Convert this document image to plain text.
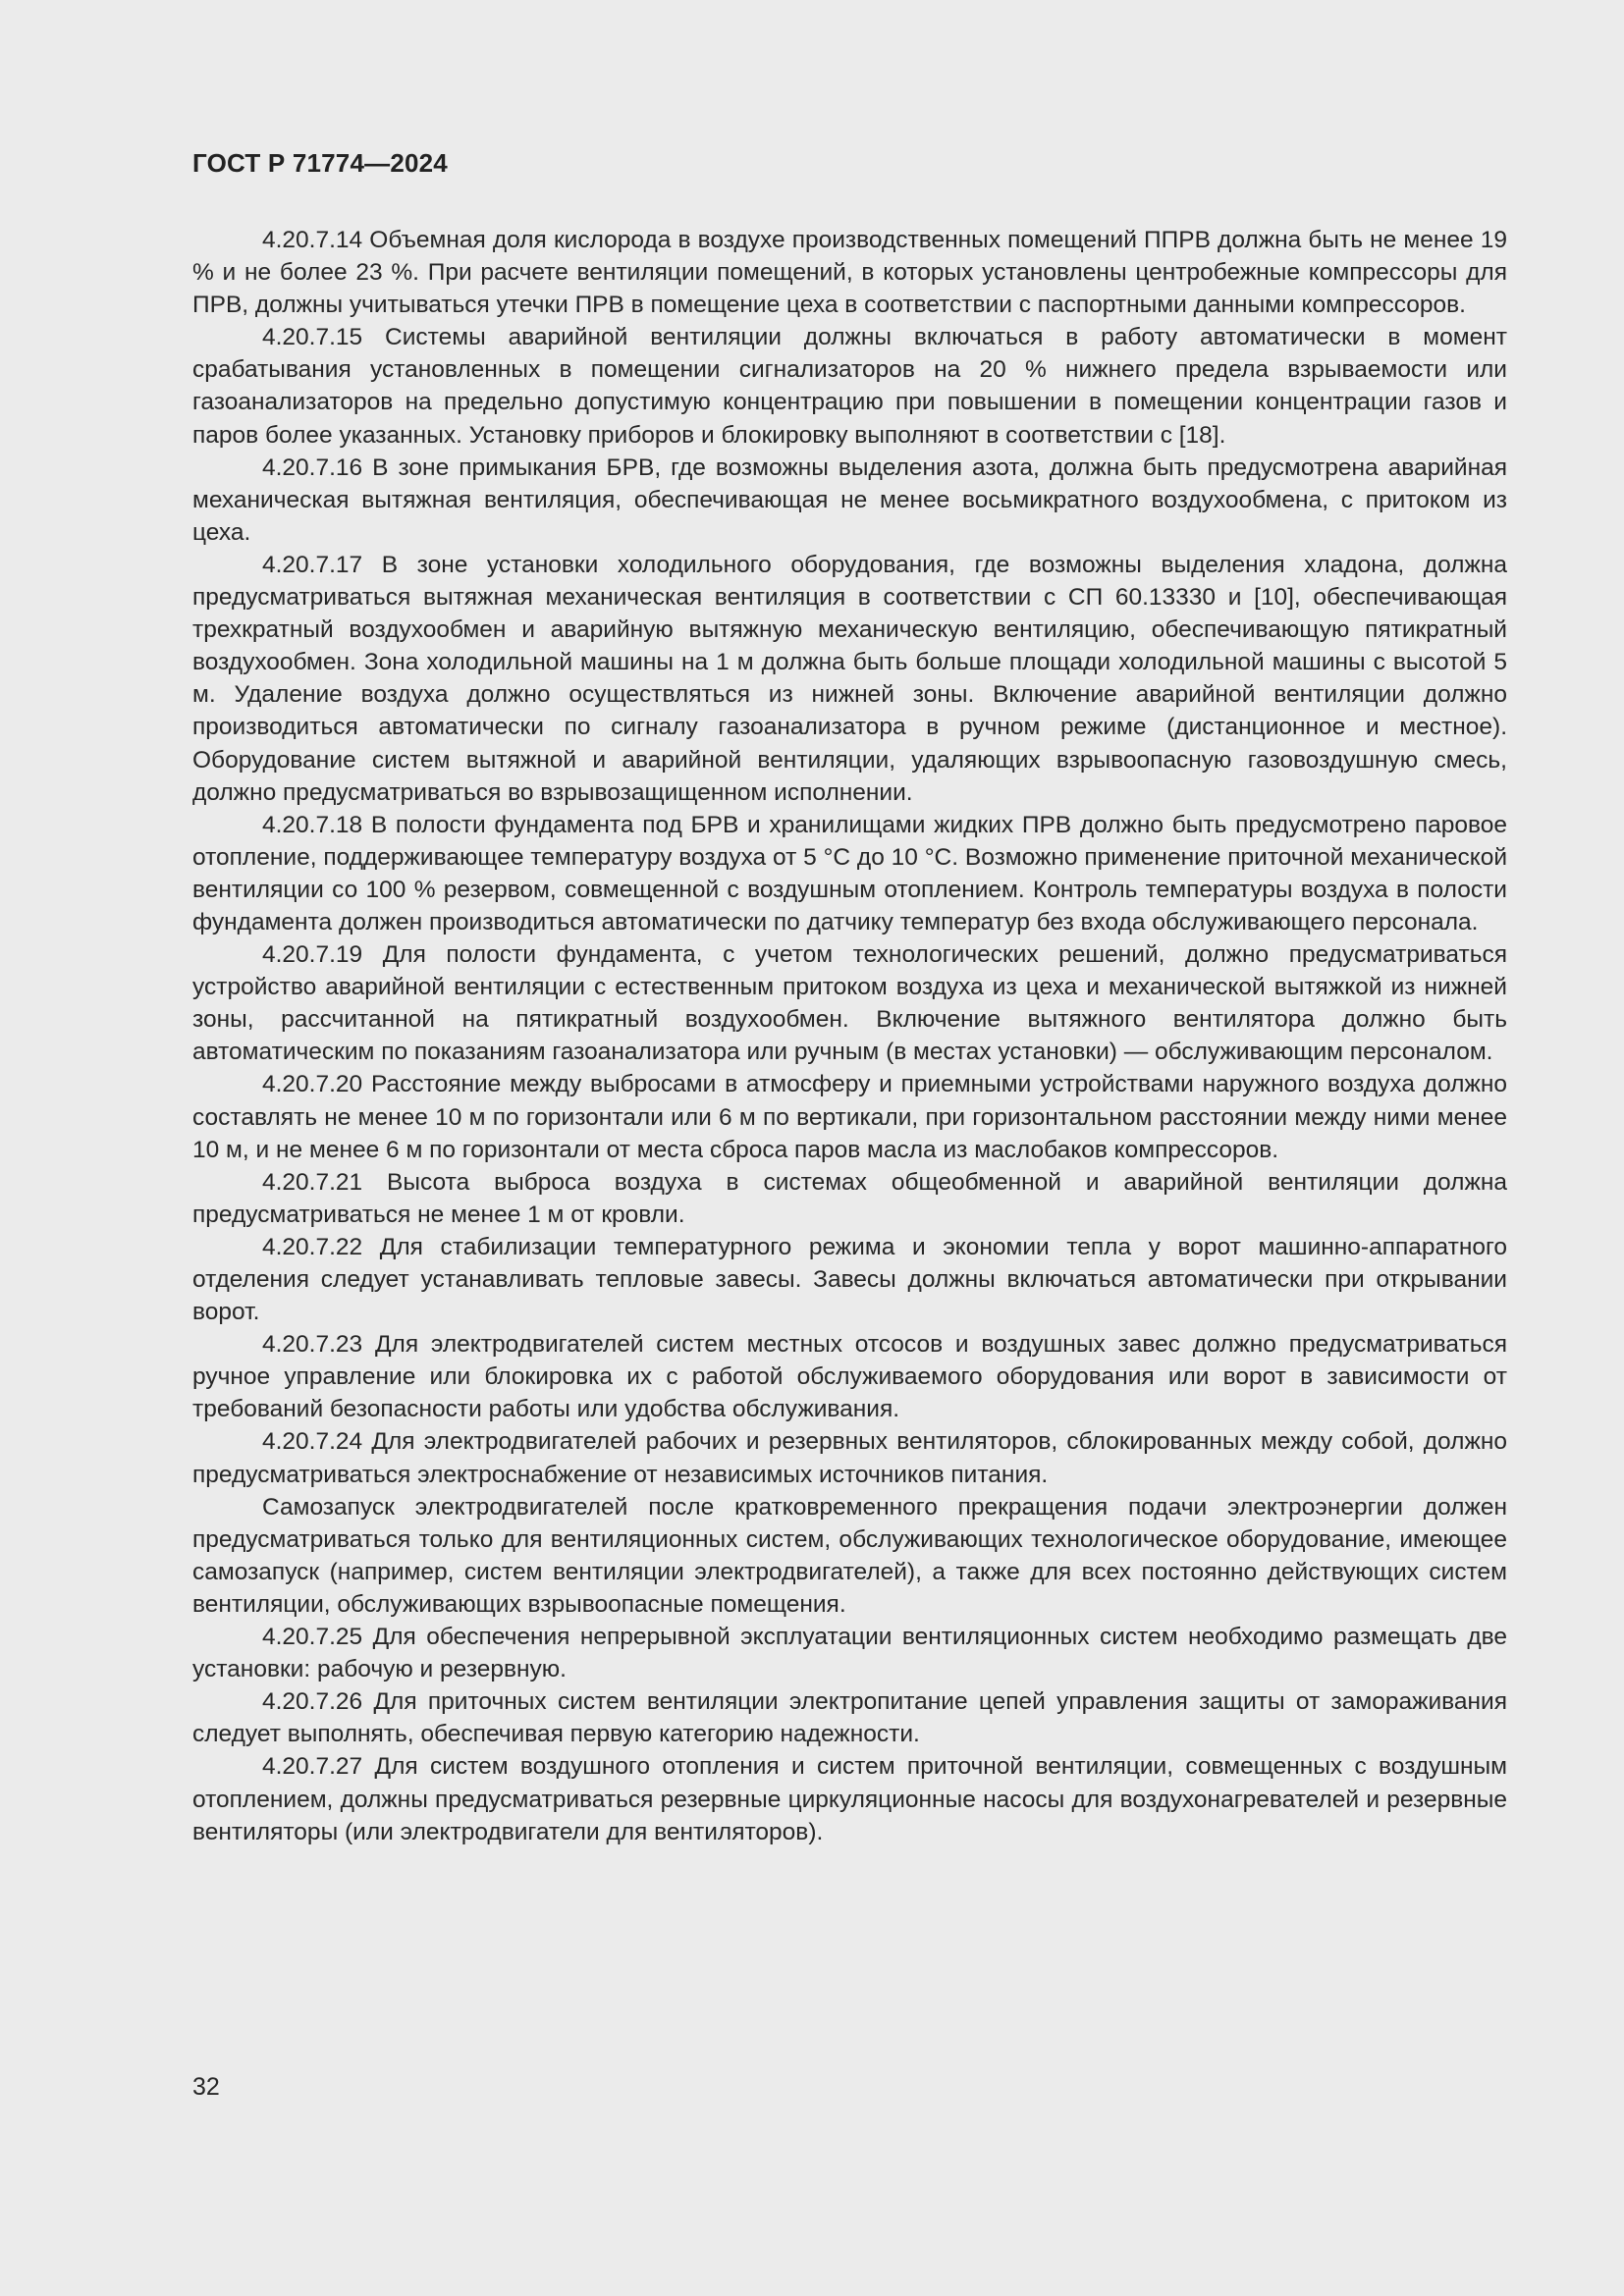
ГОСТ Р 71774—2024

4.20.7.14 Объемная доля кислорода в воздухе производственных помещений ППРВ должна быть не менее 19 % и не более 23 %. При расчете вентиляции помещений, в которых установлены центробежные компрессоры для ПРВ, должны учитываться утечки ПРВ в помещение цеха в соответствии с паспортными данными компрессоров.

4.20.7.15 Системы аварийной вентиляции должны включаться в работу автоматически в момент срабатывания установленных в помещении сигнализаторов на 20 % нижнего предела взрываемости или газоанализаторов на предельно допустимую концентрацию при повышении в помещении концентрации газов и паров более указанных. Установку приборов и блокировку выполняют в соответствии с [18].

4.20.7.16 В зоне примыкания БРВ, где возможны выделения азота, должна быть предусмотрена аварийная механическая вытяжная вентиляция, обеспечивающая не менее восьмикратного воздухообмена, с притоком из цеха.

4.20.7.17 В зоне установки холодильного оборудования, где возможны выделения хладона, должна предусматриваться вытяжная механическая вентиляция в соответствии с СП 60.13330 и [10], обеспечивающая трехкратный воздухообмен и аварийную вытяжную механическую вентиляцию, обеспечивающую пятикратный воздухообмен. Зона холодильной машины на 1 м должна быть больше площади холодильной машины с высотой 5 м. Удаление воздуха должно осуществляться из нижней зоны. Включение аварийной вентиляции должно производиться автоматически по сигналу газоанализатора в ручном режиме (дистанционное и местное). Оборудование систем вытяжной и аварийной вентиляции, удаляющих взрывоопасную газовоздушную смесь, должно предусматриваться во взрывозащищенном исполнении.

4.20.7.18 В полости фундамента под БРВ и хранилищами жидких ПРВ должно быть предусмотрено паровое отопление, поддерживающее температуру воздуха от 5 °С до 10 °С. Возможно применение приточной механической вентиляции со 100 % резервом, совмещенной с воздушным отоплением. Контроль температуры воздуха в полости фундамента должен производиться автоматически по датчику температур без входа обслуживающего персонала.

4.20.7.19 Для полости фундамента, с учетом технологических решений, должно предусматриваться устройство аварийной вентиляции с естественным притоком воздуха из цеха и механической вытяжкой из нижней зоны, рассчитанной на пятикратный воздухообмен. Включение вытяжного вентилятора должно быть автоматическим по показаниям газоанализатора или ручным (в местах установки) — обслуживающим персоналом.

4.20.7.20 Расстояние между выбросами в атмосферу и приемными устройствами наружного воздуха должно составлять не менее 10 м по горизонтали или 6 м по вертикали, при горизонтальном расстоянии между ними менее 10 м, и не менее 6 м по горизонтали от места сброса паров масла из маслобаков компрессоров.

4.20.7.21 Высота выброса воздуха в системах общеобменной и аварийной вентиляции должна предусматриваться не менее 1 м от кровли.

4.20.7.22 Для стабилизации температурного режима и экономии тепла у ворот машинно-аппаратного отделения следует устанавливать тепловые завесы. Завесы должны включаться автоматически при открывании ворот.

4.20.7.23 Для электродвигателей систем местных отсосов и воздушных завес должно предусматриваться ручное управление или блокировка их с работой обслуживаемого оборудования или ворот в зависимости от требований безопасности работы или удобства обслуживания.

4.20.7.24 Для электродвигателей рабочих и резервных вентиляторов, сблокированных между собой, должно предусматриваться электроснабжение от независимых источников питания.

Самозапуск электродвигателей после кратковременного прекращения подачи электроэнергии должен предусматриваться только для вентиляционных систем, обслуживающих технологическое оборудование, имеющее самозапуск (например, систем вентиляции электродвигателей), а также для всех постоянно действующих систем вентиляции, обслуживающих взрывоопасные помещения.

4.20.7.25 Для обеспечения непрерывной эксплуатации вентиляционных систем необходимо размещать две установки: рабочую и резервную.

4.20.7.26 Для приточных систем вентиляции электропитание цепей управления защиты от замораживания следует выполнять, обеспечивая первую категорию надежности.

4.20.7.27 Для систем воздушного отопления и систем приточной вентиляции, совмещенных с воздушным отоплением, должны предусматриваться резервные циркуляционные насосы для воздухонагревателей и резервные вентиляторы (или электродвигатели для вентиляторов).

32
